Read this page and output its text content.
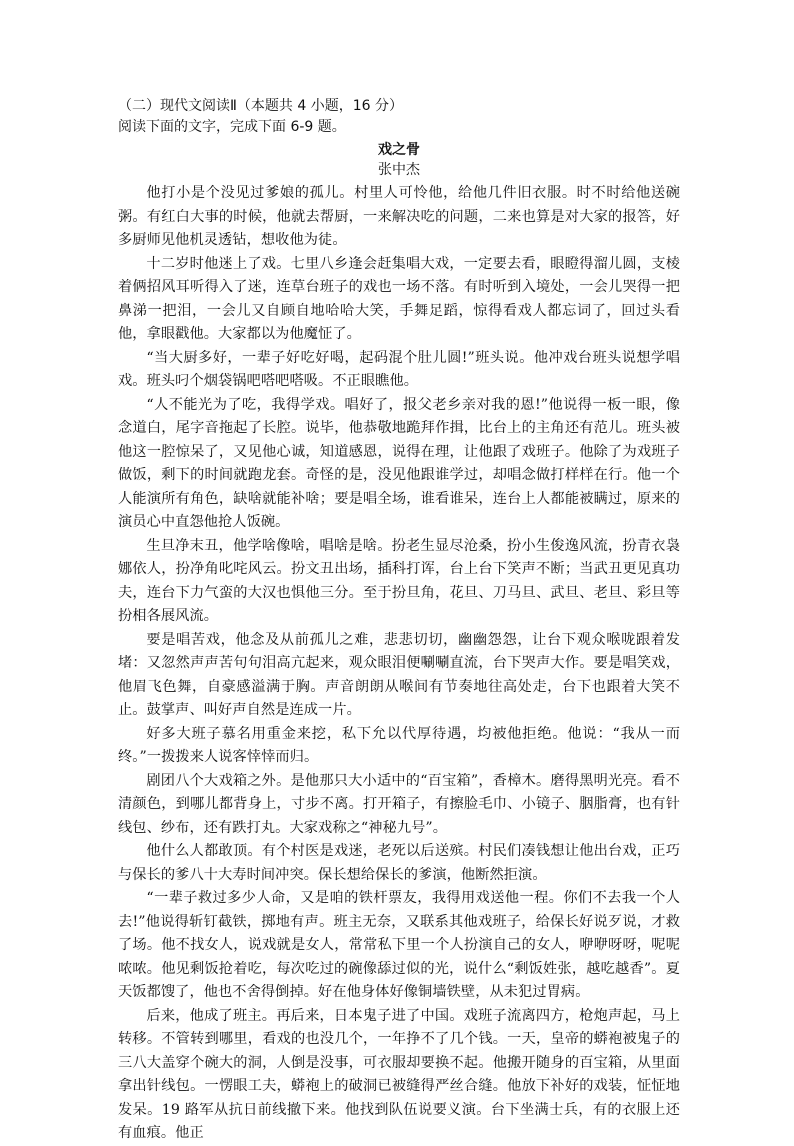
（二）现代文阅读Ⅱ（本题共 4 小题，16 分）

阅读下面的文字，完成下面 6-9 题。

戏之骨

张中杰

他打小是个没见过爹娘的孤儿。村里人可怜他，给他几件旧衣服。时不时给他送碗粥。有红白大事的时候，他就去帮厨，一来解决吃的问题，二来也算是对大家的报答，好多厨师见他机灵透钻，想收他为徒。

十二岁时他迷上了戏。七里八乡逢会赶集唱大戏，一定要去看，眼瞪得溜儿圆，支棱着俩招风耳听得入了迷，连草台班子的戏也一场不落。有时听到入境处，一会儿哭得一把鼻涕一把泪，一会儿又自顾自地哈哈大笑，手舞足蹈，惊得看戏人都忘词了，回过头看他，拿眼戳他。大家都以为他魔怔了。

“当大厨多好，一辈子好吃好喝，起码混个肚儿圆!”班头说。他冲戏台班头说想学唱戏。班头叼个烟袋锅吧嗒吧嗒吸。不正眼瞧他。

“人不能光为了吃，我得学戏。唱好了，报父老乡亲对我的恩!”他说得一板一眼，像念道白，尾字音拖起了长腔。说毕，他恭敬地跪拜作揖，比台上的主角还有范儿。班头被他这一腔惊呆了，又见他心诚，知道感恩，说得在理，让他跟了戏班子。他除了为戏班子做饭，剩下的时间就跑龙套。奇怪的是，没见他跟谁学过，却唱念做打样样在行。他一个人能演所有角色，缺啥就能补啥；要是唱全场，谁看谁呆，连台上人都能被瞒过，原来的演员心中直怨他抢人饭碗。

生旦净末丑，他学啥像啥，唱啥是啥。扮老生显尽沧桑，扮小生俊逸风流，扮青衣袅娜依人，扮净角叱咤风云。扮文丑出场，插科打诨，台上台下笑声不断；当武丑更见真功夫，连台下力气蛮的大汉也惧他三分。至于扮旦角，花旦、刀马旦、武旦、老旦、彩旦等扮相各展风流。

要是唱苦戏，他念及从前孤儿之难，悲悲切切，幽幽怨怨，让台下观众喉咙跟着发堵：又忽然声声苦句句泪高亢起来，观众眼泪便唰唰直流，台下哭声大作。要是唱笑戏，他眉飞色舞，自豪感溢满于胸。声音朗朗从喉间有节奏地往高处走，台下也跟着大笑不止。鼓掌声、叫好声自然是连成一片。

好多大班子慕名用重金来挖，私下允以代厚待遇，均被他拒绝。他说：“我从一而终。”一拨拨来人说客悻悻而归。

剧团八个大戏箱之外。是他那只大小适中的“百宝箱”，香樟木。磨得黑明光亮。看不清颜色，到哪儿都背身上，寸步不离。打开箱子，有擦脸毛巾、小镜子、胭脂膏，也有针线包、纱布，还有跌打丸。大家戏称之“神秘九号”。

他什么人都敢顶。有个村医是戏迷，老死以后送殡。村民们凑钱想让他出台戏，正巧与保长的爹八十大寿时间冲突。保长想给保长的爹演，他断然拒演。

“一辈子救过多少人命，又是咱的铁杆票友，我得用戏送他一程。你们不去我一个人去!”他说得斩钉截铁，掷地有声。班主无奈，又联系其他戏班子，给保长好说歹说，才救了场。他不找女人，说戏就是女人，常常私下里一个人扮演自己的女人，咿咿呀呀，呢呢哝哝。他见剩饭抢着吃，每次吃过的碗像舔过似的光，说什么“剩饭姓张，越吃越香”。夏天饭都馊了，他也不舍得倒掉。好在他身体好像铜墙铁壁，从未犯过胃病。

后来，他成了班主。再后来，日本鬼子进了中国。戏班子流离四方，枪炮声起，马上转移。不管转到哪里，看戏的也没几个，一年挣不了几个钱。一天，皇帝的蟒袍被鬼子的三八大盖穿个碗大的洞，人倒是没事，可衣服却要换不起。他搬开随身的百宝箱，从里面拿出针线包。一愣眼工夫，蟒袍上的破洞已被缝得严丝合缝。他放下补好的戏装，怔怔地发呆。19 路军从抗日前线撤下来。他找到队伍说要义演。台下坐满士兵，有的衣服上还有血痕。他正
